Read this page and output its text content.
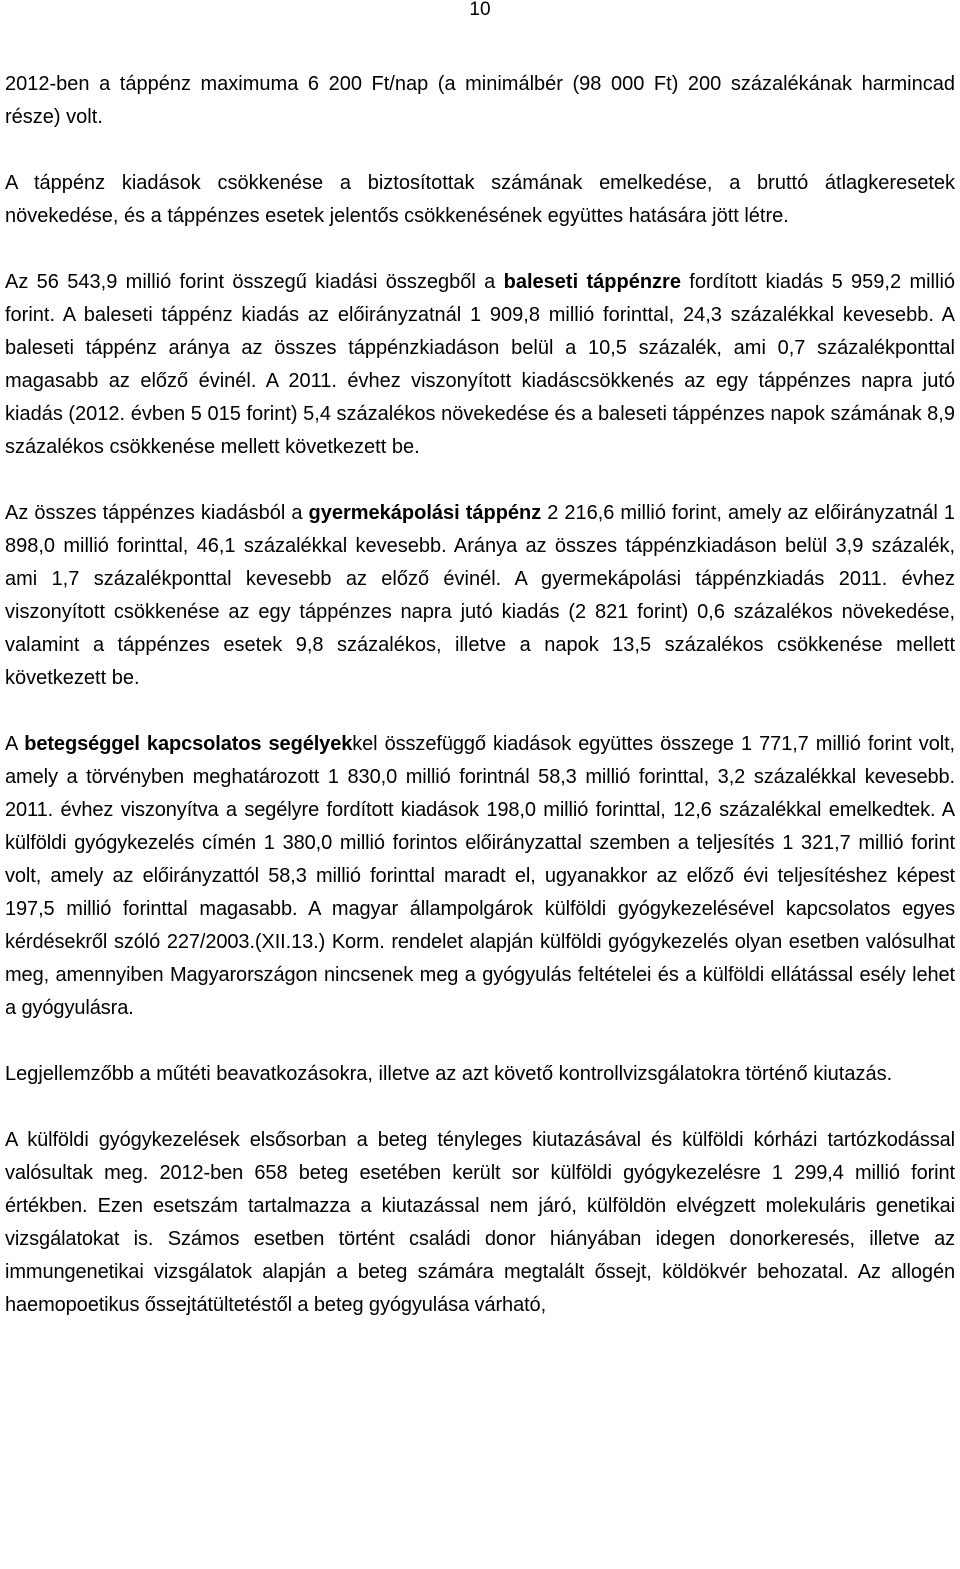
10

2012-ben a táppénz maximuma 6 200 Ft/nap (a minimálbér (98 000 Ft) 200 százalékának harmincad része) volt.

A táppénz kiadások csökkenése a biztosítottak számának emelkedése, a bruttó átlagkeresetek növekedése, és a táppénzes esetek jelentős csökkenésének együttes hatására jött létre.

Az 56 543,9 millió forint összegű kiadási összegből a baleseti táppénzre fordított kiadás 5 959,2 millió forint. A baleseti táppénz kiadás az előirányzatnál 1 909,8 millió forinttal, 24,3 százalékkal kevesebb. A baleseti táppénz aránya az összes táppénzkiadáson belül a 10,5 százalék, ami 0,7 százalékponttal magasabb az előző évinél. A 2011. évhez viszonyított kiadáscsökkenés az egy táppénzes napra jutó kiadás (2012. évben 5 015 forint) 5,4 százalékos növekedése és a baleseti táppénzes napok számának 8,9 százalékos csökkenése mellett következett be.

Az összes táppénzes kiadásból a gyermekápolási táppénz 2 216,6 millió forint, amely az előirányzatnál 1 898,0 millió forinttal, 46,1 százalékkal kevesebb. Aránya az összes táppénzkiadáson belül 3,9 százalék, ami 1,7 százalékponttal kevesebb az előző évinél. A gyermekápolási táppénzkiadás 2011. évhez viszonyított csökkenése az egy táppénzes napra jutó kiadás (2 821 forint) 0,6 százalékos növekedése, valamint a táppénzes esetek 9,8 százalékos, illetve a napok 13,5 százalékos csökkenése mellett következett be.

A betegséggel kapcsolatos segélyekkel összefüggő kiadások együttes összege 1 771,7 millió forint volt, amely a törvényben meghatározott 1 830,0 millió forintnál 58,3 millió forinttal, 3,2 százalékkal kevesebb. 2011. évhez viszonyítva a segélyre fordított kiadások 198,0 millió forinttal, 12,6 százalékkal emelkedtek. A külföldi gyógykezelés címén 1 380,0 millió forintos előirányzattal szemben a teljesítés 1 321,7 millió forint volt, amely az előirányzattól 58,3 millió forinttal maradt el, ugyanakkor az előző évi teljesítéshez képest 197,5 millió forinttal magasabb. A magyar állampolgárok külföldi gyógykezelésével kapcsolatos egyes kérdésekről szóló 227/2003.(XII.13.) Korm. rendelet alapján külföldi gyógykezelés olyan esetben valósulhat meg, amennyiben Magyarországon nincsenek meg a gyógyulás feltételei és a külföldi ellátással esély lehet a gyógyulásra.

Legjellemzőbb a műtéti beavatkozásokra, illetve az azt követő kontrollvizsgálatokra történő kiutazás.

A külföldi gyógykezelések elsősorban a beteg tényleges kiutazásával és külföldi kórházi tartózkodással valósultak meg. 2012-ben 658 beteg esetében került sor külföldi gyógykezelésre 1 299,4 millió forint értékben. Ezen esetszám tartalmazza a kiutazással nem járó, külföldön elvégzett molekuláris genetikai vizsgálatokat is. Számos esetben történt családi donor hiányában idegen donorkeresés, illetve az immungenetikai vizsgálatok alapján a beteg számára megtalált őssejt, köldökvér behozatal. Az allogén haemopoetikus őssejtátültetéstől a beteg gyógyulása várható,
